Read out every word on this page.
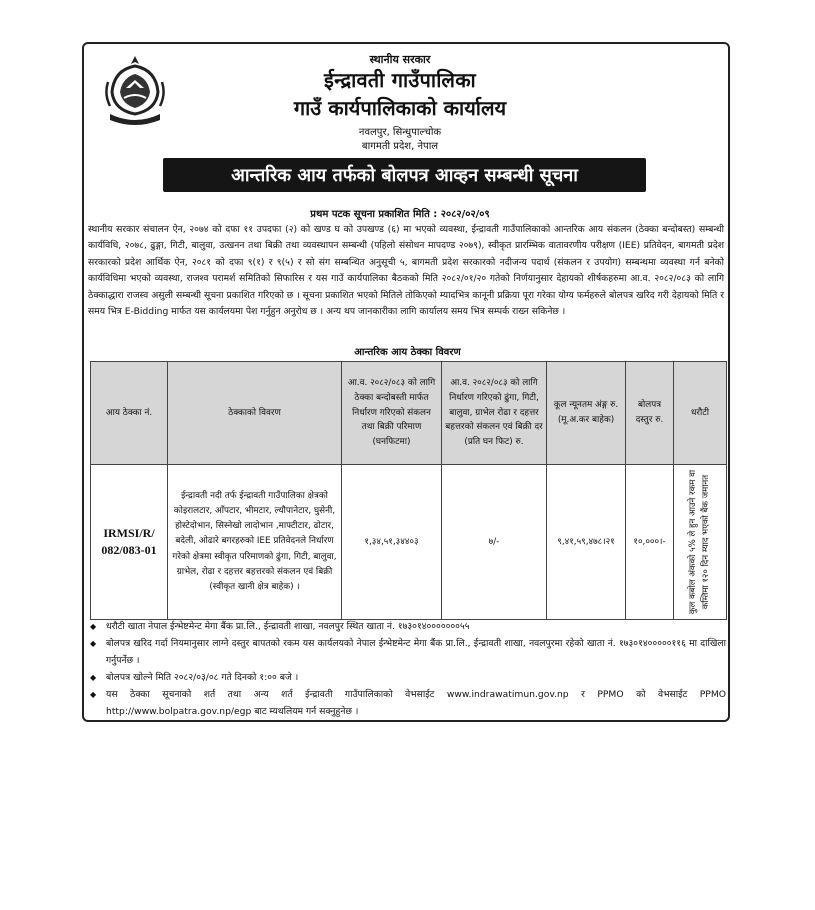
स्थानीय सरकार
ईन्द्रावती गाउँपालिका
गाउँ कार्यपालिकाको कार्यालय
नवलपुर, सिन्धुपाल्चोक
बागमती प्रदेश, नेपाल
आन्तरिक आय तर्फको बोलपत्र आव्हन सम्बन्धी सूचना
प्रथम पटक सूचना प्रकाशित मिति : २०८२/०२/०९

स्थानीय सरकार संचालन ऐन, २०७४ को दफा ११ उपदफा (२) को खण्ड घ को उपखण्ड (६) मा भएको व्यवस्था, ईन्द्रावती गाउँपालिकाको आन्तरिक आय संकलन (ठेक्का बन्दोबस्त) सम्बन्धी कार्यविधि, २०७८, ढुङ्गा, गिटी, बालुवा, उत्खनन तथा बिक्री तथा व्यवस्थापन सम्बन्धी (पहिलो संसोधन मापदण्ड २०७९), स्वीकृत प्रारम्भिक वातावरणीय परीक्षण (IEE) प्रतिवेदन, बागमती प्रदेश सरकारको प्रदेश आर्थिक ऐन, २०८१ को दफा ९(१) र ९(५) र सो संग सम्बन्धित अनुसूची ५, बागमती प्रदेश सरकारको नदीजन्य पदार्थ (संकलन र उपयोग) सम्बन्धमा व्यवस्था गर्न बनेको कार्यविधिमा भएको व्यवस्था, राजश्व परामर्श समितिको सिफारिस र यस गाउँ कार्यपालिका बैठकको मिति २०८२/०१/२० गतेको निर्णयानुसार देहायको शीर्षकहरुमा आ.व. २०८२/०८३ को लागि ठेक्काद्धारा राजस्व असुली सम्बन्धी सूचना प्रकाशित गरिएको छ । सूचना प्रकाशित भएको मितिले तोकिएको म्यादभित्र कानूनी प्रक्रिया पूरा गरेका योग्य फर्महरुले बोलपत्र खरिद गरी देहायको मिति र समय भित्र E-Bidding मार्फत यस कार्यलयमा पेश गर्नुहुन अनुरोध छ । अन्य थप जानकारीका लागि कार्यालय समय भित्र सम्पर्क राख्न सकिनेछ ।

आन्तरिक आय ठेक्का विवरण
आय ठेक्का नं.	ठेक्काको विवरण	आ.व. २०८२/०८३ को लागि ठेक्का बन्दोबस्ती मार्फत निर्धारण गरिएको संकलन तथा बिक्री परिमाण (घनफिटमा)	आ.व. २०८२/०८३ को लागि निर्धारण गरिएको ढुंगा, गिटी, बालुवा, ग्राभेल रोढा र दहत्तर बहत्तरको संकलन एवं बिक्री दर (प्रति घन फिट) रु.	कूल न्यूनतम अंङ्ग रु. (मू.अ.कर बाहेक)	बोलपत्र दस्तुर रु.	धरौटी
IRMSI/R/ 082/083-01	ईन्द्रावती नदी तर्फ ईन्द्रावती गाउँपालिका क्षेत्रको कोइरालटार, आँपटार, भीमटार, ल्यौपानेटार, घुसेनी, होस्टेदोभान, सिस्नेखो लादोभान ,माफ्टीटार, ढोटार, बदेली, ओढारे बगरहरुको IEE प्रतिवेदनले निर्धारण गरेको क्षेत्रमा स्वीकृत परिमाणको ढुंगा, गिटी, बालुवा, ग्राभेल, रोढा र दहत्तर बहत्तरको संकलन एवं बिक्री (स्वीकृत खानी क्षेत्र बाहेक) ।	१,३४,५१,३४४०३	७/-	९,४१,५९,४७८।२१	१०,०००।-	कुल कबोल अंकको ५% ले हुन आउने रकम वा कम्तिमा १२० दिन म्याद भएको बैंक जमानत
◆ धरौटी खाता नेपाल ईन्भेष्टमेन्ट मेगा बैंक प्रा.लि., ईन्द्रावती शाखा, नवलपुर स्थित खाता नं. १७३०१४०००००००५५
◆ बोलपत्र खरिद गर्दा नियमानुसार लाग्ने दस्तुर बापतको रकम यस कार्यलयको नेपाल ईन्भेष्टमेन्ट मेगा बैंक प्रा.लि., ईन्द्रावती शाखा, नवलपुरमा रहेको खाता नं. १७३०१४०००००११६ मा दाखिला गर्नुपर्नेछ ।
◆ बोलपत्र खोल्ने मिति २०८२/०३/०८ गते दिनको १:०० बजे ।
◆ यस ठेक्का सूचनाको शर्त तथा अन्य शर्त ईन्द्रावती गाउँपालिकाको वेभसाईट www.indrawatimun.gov.np र PPMO को वेभसाईट PPMO http://www.bolpatra.gov.np/egp बाट म्यथलियम गर्न सक्नुहुनेछ ।
